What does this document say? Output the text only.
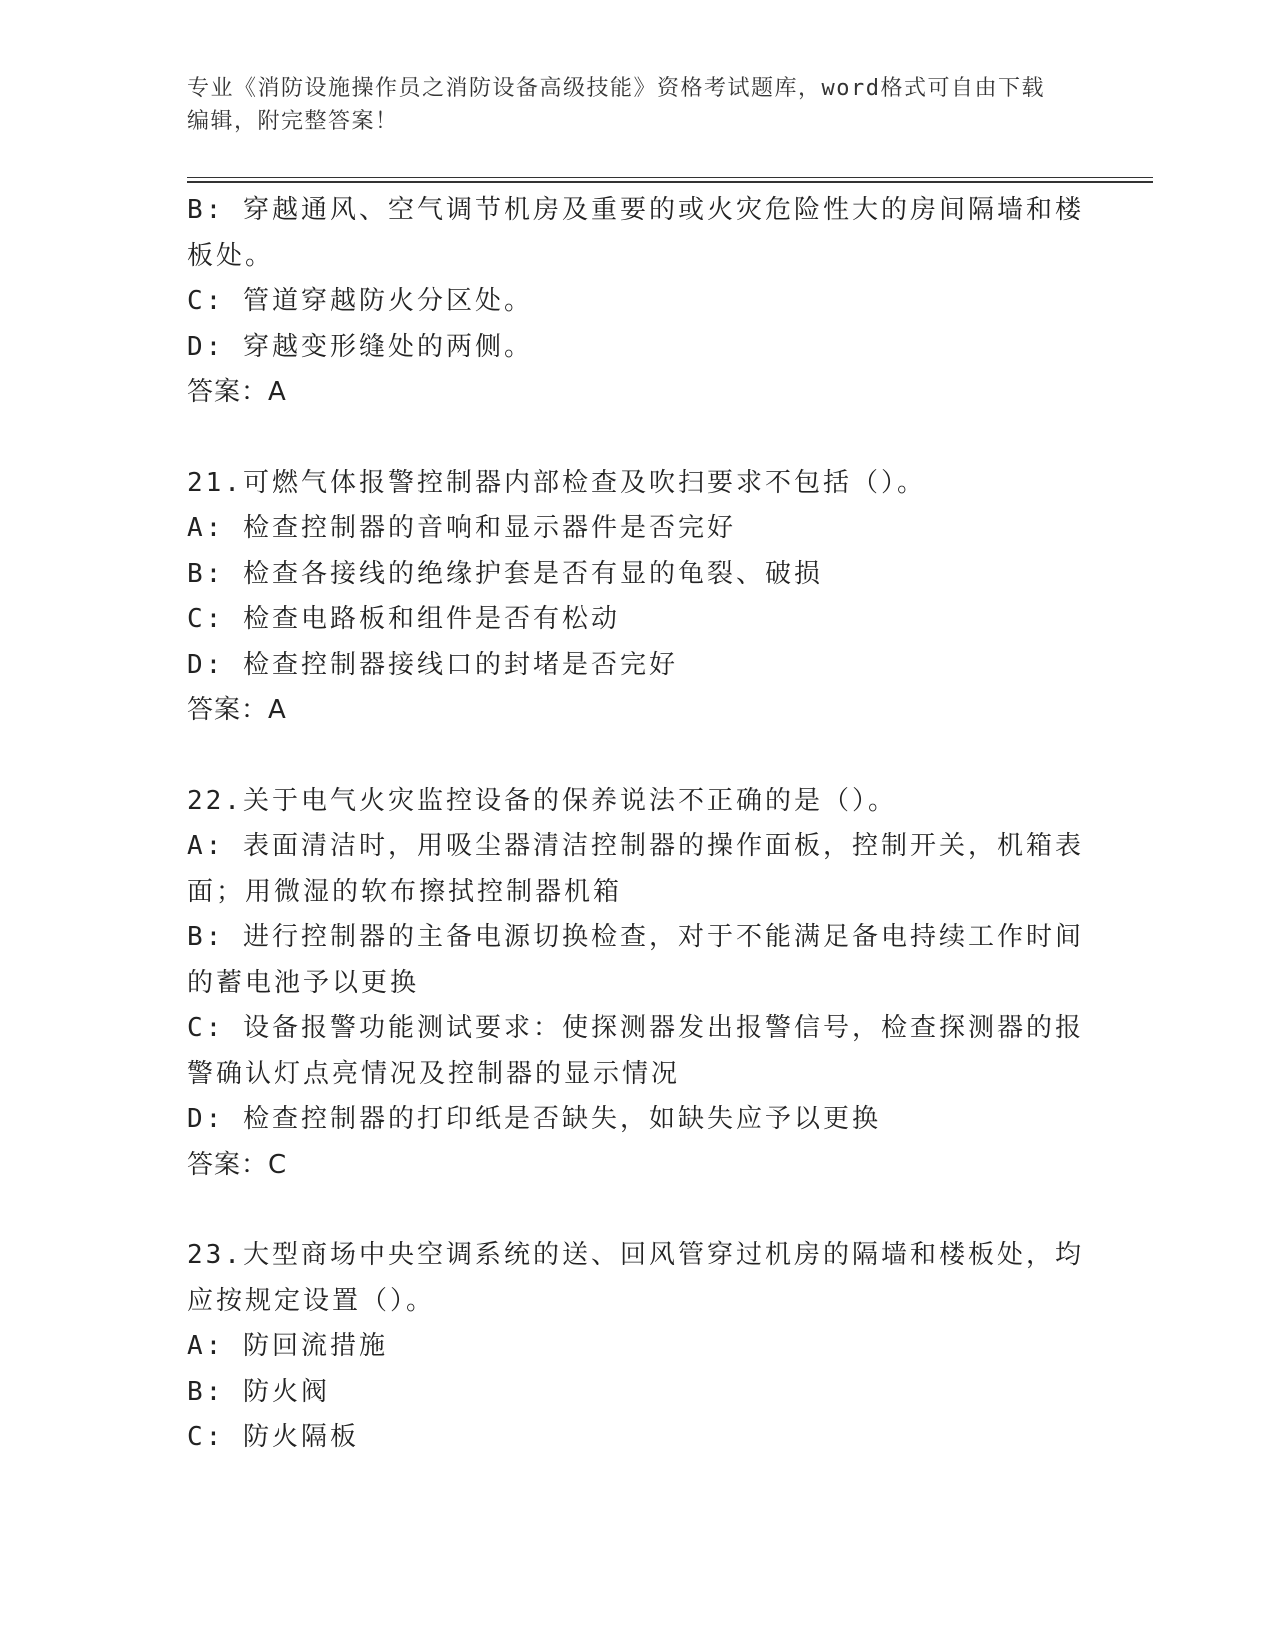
专业《消防设施操作员之消防设备高级技能》资格考试题库，word格式可自由下载编辑，附完整答案！
B: 穿越通风、空气调节机房及重要的或火灾危险性大的房间隔墙和楼板处。
C: 管道穿越防火分区处。
D: 穿越变形缝处的两侧。
答案：A
21.可燃气体报警控制器内部检查及吹扫要求不包括（）。
A: 检查控制器的音响和显示器件是否完好
B: 检查各接线的绝缘护套是否有显的龟裂、破损
C: 检查电路板和组件是否有松动
D: 检查控制器接线口的封堵是否完好
答案：A
22.关于电气火灾监控设备的保养说法不正确的是（）。
A: 表面清洁时，用吸尘器清洁控制器的操作面板，控制开关，机箱表面；用微湿的软布擦拭控制器机箱
B: 进行控制器的主备电源切换检查，对于不能满足备电持续工作时间的蓄电池予以更换
C: 设备报警功能测试要求：使探测器发出报警信号，检查探测器的报警确认灯点亮情况及控制器的显示情况
D: 检查控制器的打印纸是否缺失，如缺失应予以更换
答案：C
23.大型商场中央空调系统的送、回风管穿过机房的隔墙和楼板处，均应按规定设置（）。
A: 防回流措施
B: 防火阀
C: 防火隔板
